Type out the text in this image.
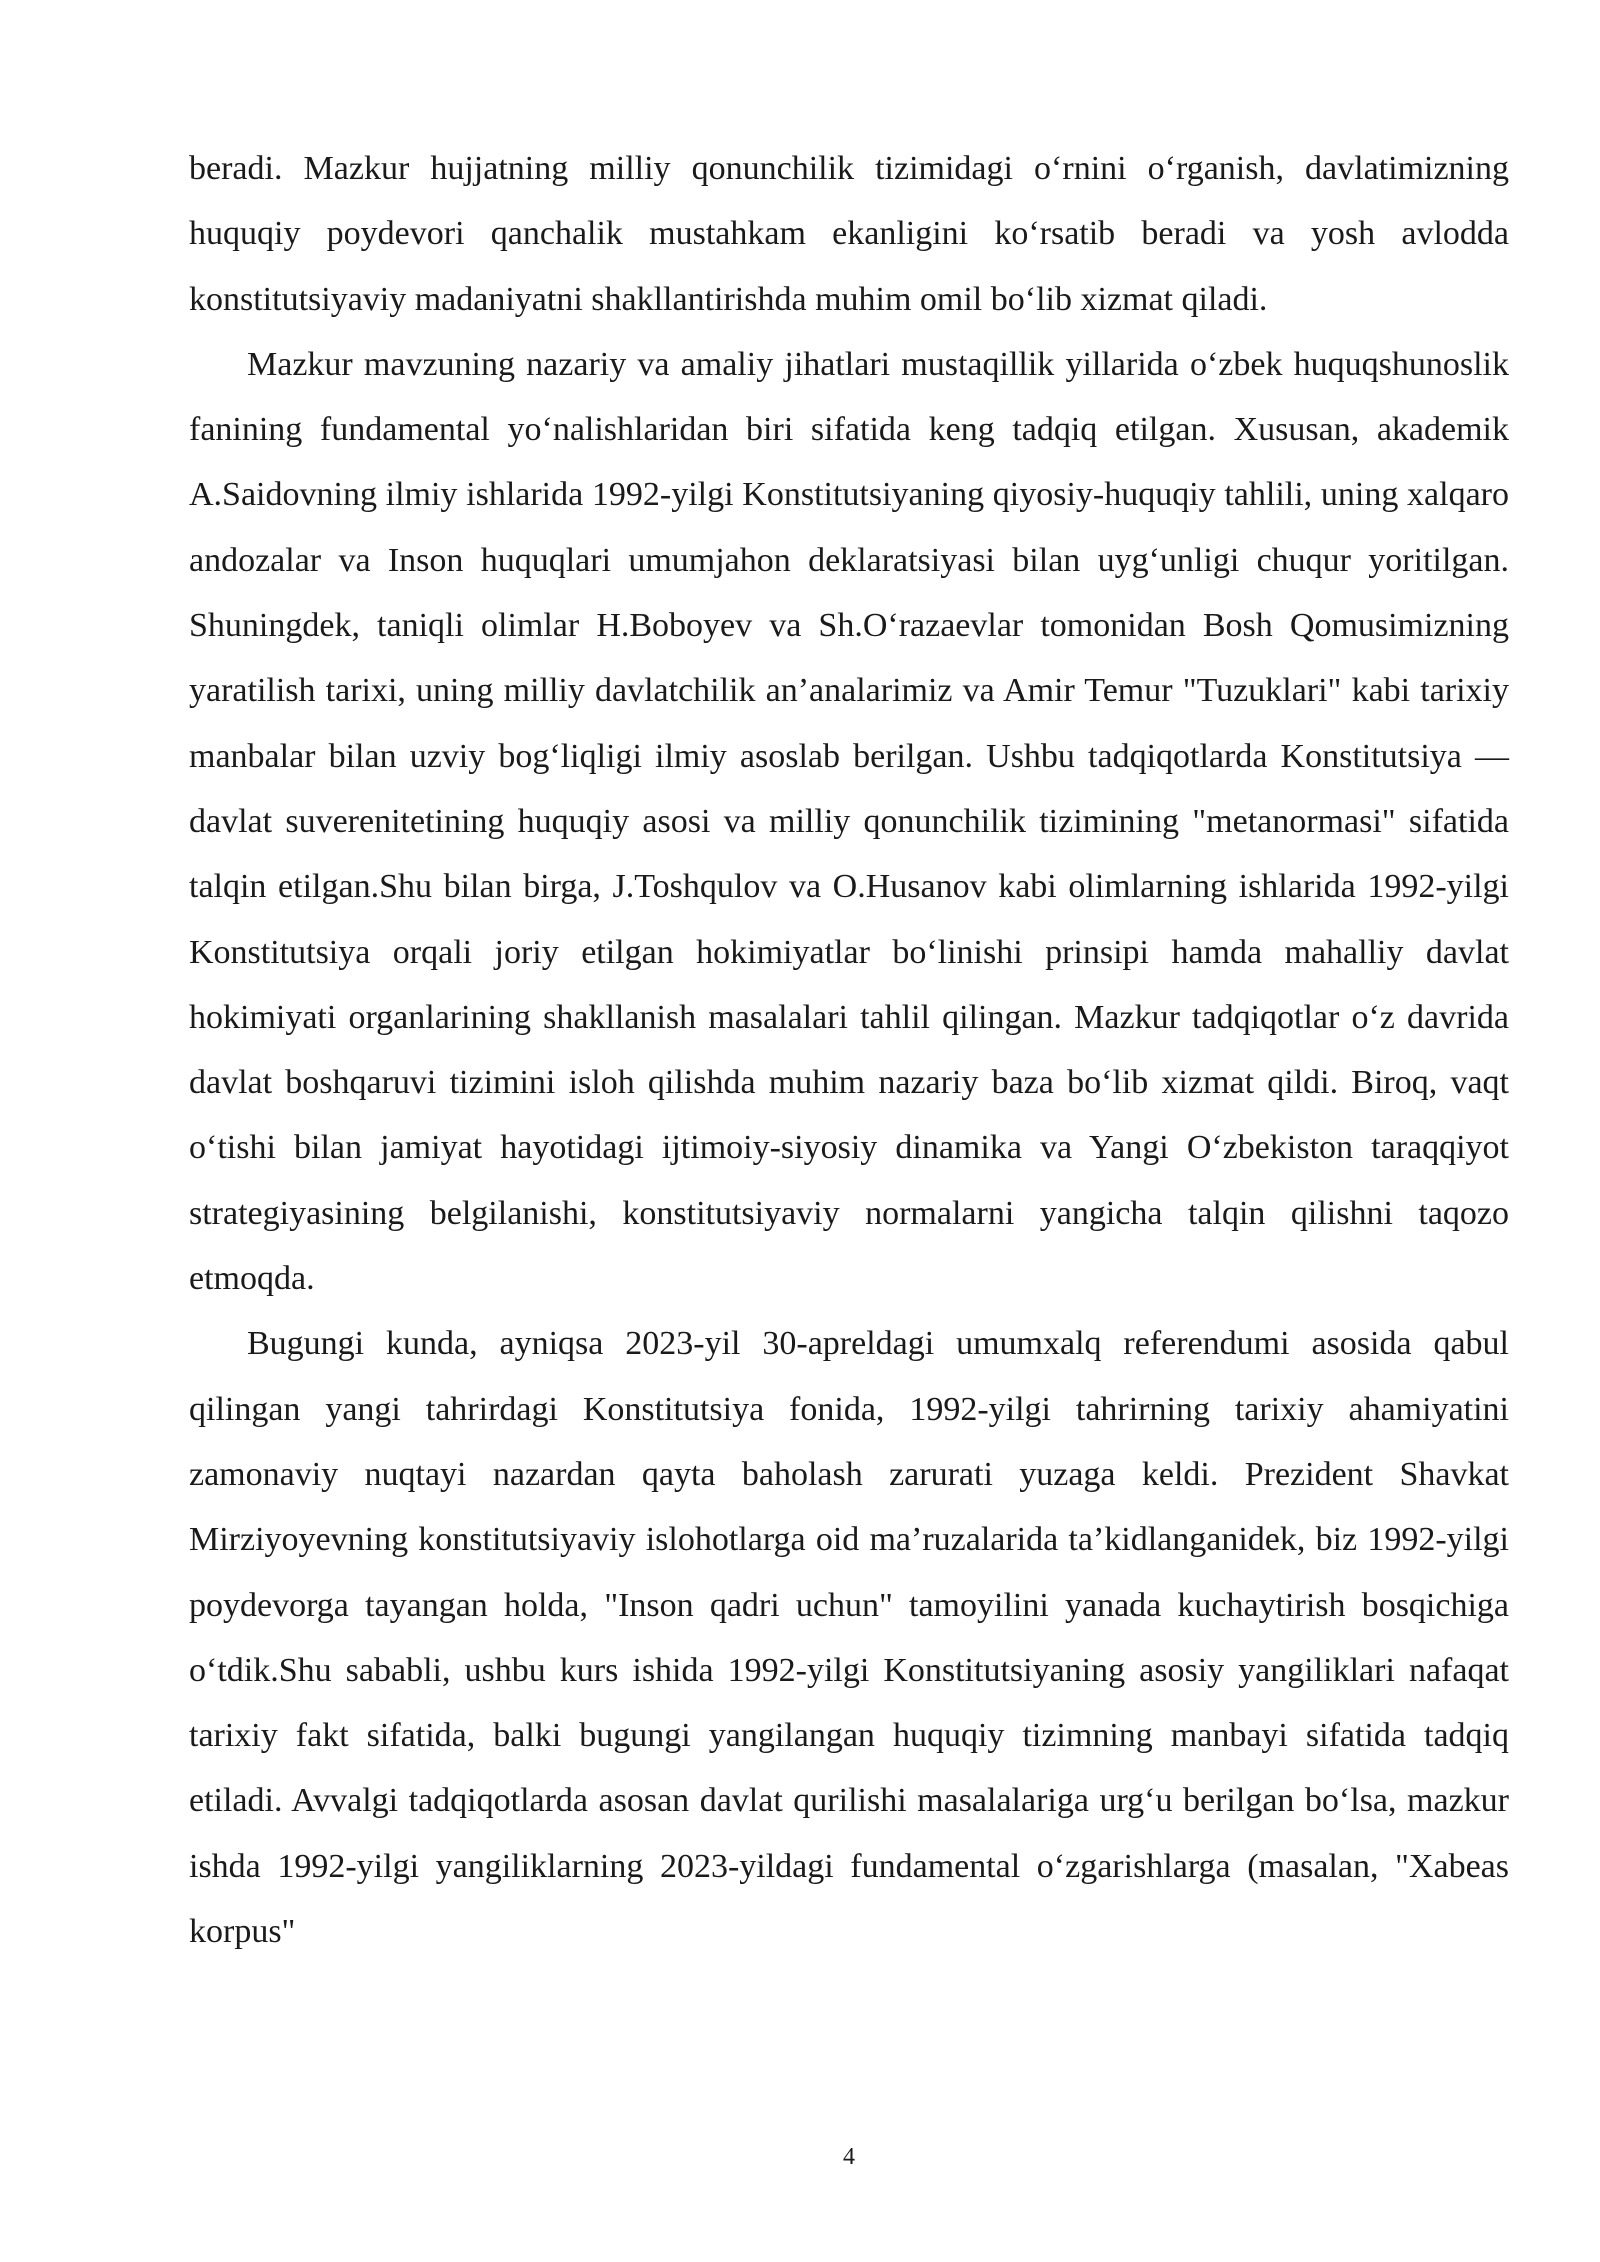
beradi. Mazkur hujjatning milliy qonunchilik tizimidagi o‘rnini o‘rganish, davlatimizning huquqiy poydevori qanchalik mustahkam ekanligini ko‘rsatib beradi va yosh avlodda konstitutsiyaviy madaniyatni shakllantirishda muhim omil bo‘lib xizmat qiladi.

Mazkur mavzuning nazariy va amaliy jihatlari mustaqillik yillarida o‘zbek huquqshunoslik fanining fundamental yo‘nalishlaridan biri sifatida keng tadqiq etilgan. Xususan, akademik A.Saidovning ilmiy ishlarida 1992-yilgi Konstitutsiyaning qiyosiy-huquqiy tahlili, uning xalqaro andozalar va Inson huquqlari umumjahon deklaratsiyasi bilan uyg‘unligi chuqur yoritilgan. Shuningdek, taniqli olimlar H.Boboyev va Sh.O‘razaevlar tomonidan Bosh Qomusimizning yaratilish tarixi, uning milliy davlatchilik an’analarimiz va Amir Temur "Tuzuklari" kabi tarixiy manbalar bilan uzviy bog‘liqligi ilmiy asoslab berilgan. Ushbu tadqiqotlarda Konstitutsiya — davlat suverenitetining huquqiy asosi va milliy qonunchilik tizimining "metanormasi" sifatida talqin etilgan.Shu bilan birga, J.Toshqulov va O.Husanov kabi olimlarning ishlarida 1992-yilgi Konstitutsiya orqali joriy etilgan hokimiyatlar bo‘linishi prinsipi hamda mahalliy davlat hokimiyati organlarining shakllanish masalalari tahlil qilingan. Mazkur tadqiqotlar o‘z davrida davlat boshqaruvi tizimini isloh qilishda muhim nazariy baza bo‘lib xizmat qildi. Biroq, vaqt o‘tishi bilan jamiyat hayotidagi ijtimoiy-siyosiy dinamika va Yangi O‘zbekiston taraqqiyot strategiyasining belgilanishi, konstitutsiyaviy normalarni yangicha talqin qilishni taqozo etmoqda.

Bugungi kunda, ayniqsa 2023-yil 30-apreldagi umumxalq referendumi asosida qabul qilingan yangi tahrirdagi Konstitutsiya fonida, 1992-yilgi tahrirning tarixiy ahamiyatini zamonaviy nuqtayi nazardan qayta baholash zarurati yuzaga keldi. Prezident Shavkat Mirziyoyevning konstitutsiyaviy islohotlarga oid ma’ruzalarida ta’kidlanganidek, biz 1992-yilgi poydevorga tayangan holda, "Inson qadri uchun" tamoyilini yanada kuchaytirish bosqichiga o‘tdik.Shu sababli, ushbu kurs ishida 1992-yilgi Konstitutsiyaning asosiy yangiliklari nafaqat tarixiy fakt sifatida, balki bugungi yangilangan huquqiy tizimning manbayi sifatida tadqiq etiladi. Avvalgi tadqiqotlarda asosan davlat qurilishi masalalariga urg‘u berilgan bo‘lsa, mazkur ishda 1992-yilgi yangiliklarning 2023-yildagi fundamental o‘zgarishlarga (masalan, "Xabeas korpus"

4
